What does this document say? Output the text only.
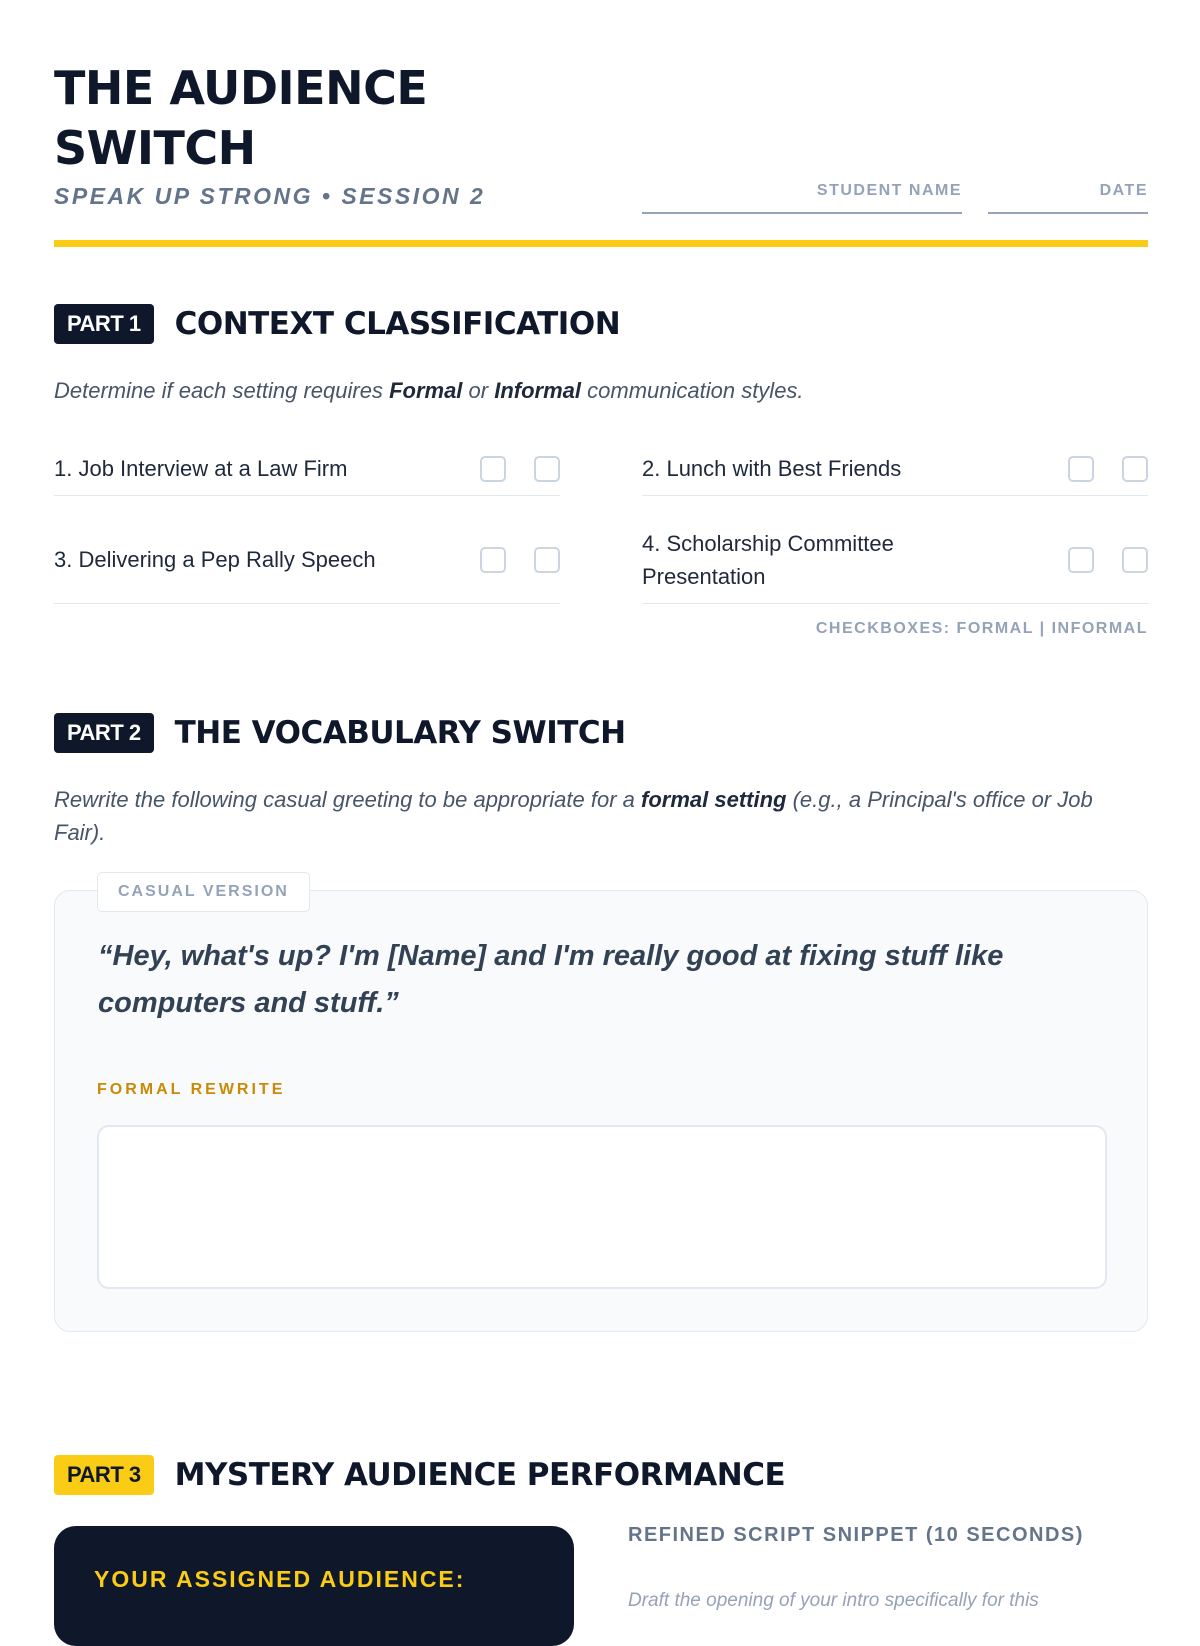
THE AUDIENCE
SWITCH
SPEAK UP STRONG • SESSION 2	STUDENT NAME	DATE
PART 1	CONTEXT CLASSIFICATION

Determine if each setting requires Formal or Informal communication styles.

1. Job Interview at a Law Firm	2. Lunch with Best Friends
3. Delivering a Pep Rally Speech
4. Scholarship Committee Presentation
CHECKBOXES: FORMAL | INFORMAL
PART 2	THE VOCABULARY SWITCH

Rewrite the following casual greeting to be appropriate for a formal setting (e.g., a Principal's office or Job Fair).

CASUAL VERSION

“Hey, what's up? I'm [Name] and I'm really good at fixing stuff like computers and stuff.”

FORMAL REWRITE
PART 3	MYSTERY AUDIENCE PERFORMANCE
YOUR ASSIGNED AUDIENCE:
REFINED SCRIPT SNIPPET (10 SECONDS)
Draft the opening of your intro specifically for this
